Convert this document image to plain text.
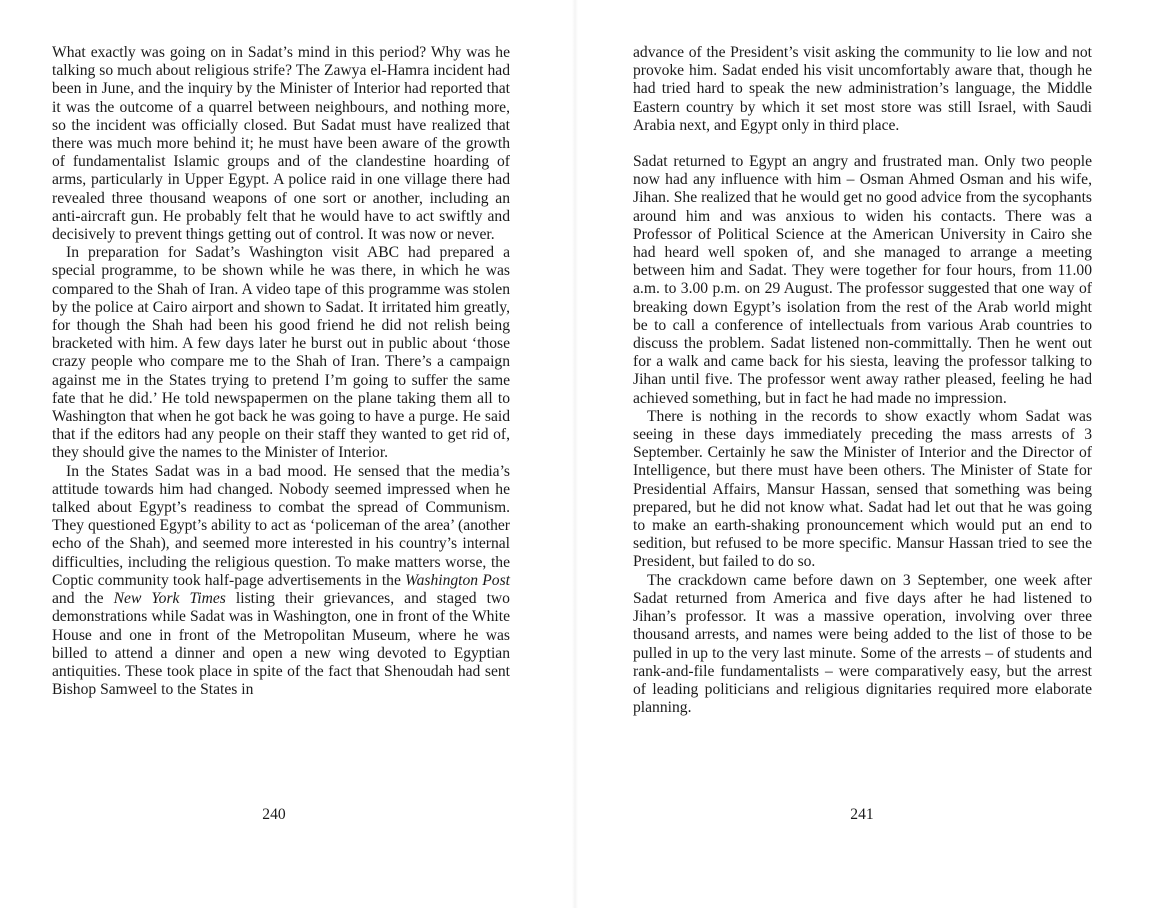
What exactly was going on in Sadat’s mind in this period? Why was he talking so much about religious strife? The Zawya el-Hamra incident had been in June, and the inquiry by the Minister of Interior had reported that it was the outcome of a quarrel between neighbours, and nothing more, so the incident was officially closed. But Sadat must have realized that there was much more behind it; he must have been aware of the growth of fundamentalist Islamic groups and of the clandestine hoarding of arms, particularly in Upper Egypt. A police raid in one village there had revealed three thousand weapons of one sort or another, including an anti-aircraft gun. He probably felt that he would have to act swiftly and decisively to prevent things getting out of control. It was now or never.

In preparation for Sadat’s Washington visit ABC had prepared a special programme, to be shown while he was there, in which he was compared to the Shah of Iran. A video tape of this programme was stolen by the police at Cairo airport and shown to Sadat. It irritated him greatly, for though the Shah had been his good friend he did not relish being bracketed with him. A few days later he burst out in public about ‘those crazy people who compare me to the Shah of Iran. There’s a campaign against me in the States trying to pretend I’m going to suffer the same fate that he did.’ He told newspapermen on the plane taking them all to Washington that when he got back he was going to have a purge. He said that if the editors had any people on their staff they wanted to get rid of, they should give the names to the Minister of Interior.

In the States Sadat was in a bad mood. He sensed that the media’s attitude towards him had changed. Nobody seemed impressed when he talked about Egypt’s readiness to combat the spread of Communism. They questioned Egypt’s ability to act as ‘policeman of the area’ (another echo of the Shah), and seemed more interested in his country’s internal difficulties, including the religious question. To make matters worse, the Coptic community took half-page advertisements in the Washington Post and the New York Times listing their grievances, and staged two demonstrations while Sadat was in Washington, one in front of the White House and one in front of the Metropolitan Museum, where he was billed to attend a dinner and open a new wing devoted to Egyptian antiquities. These took place in spite of the fact that Shenoudah had sent Bishop Samweel to the States in

240

advance of the President’s visit asking the community to lie low and not provoke him. Sadat ended his visit uncomfortably aware that, though he had tried hard to speak the new administration’s language, the Middle Eastern country by which it set most store was still Israel, with Saudi Arabia next, and Egypt only in third place.

Sadat returned to Egypt an angry and frustrated man. Only two people now had any influence with him – Osman Ahmed Osman and his wife, Jihan. She realized that he would get no good advice from the sycophants around him and was anxious to widen his contacts. There was a Professor of Political Science at the American University in Cairo she had heard well spoken of, and she managed to arrange a meeting between him and Sadat. They were together for four hours, from 11.00 a.m. to 3.00 p.m. on 29 August. The professor suggested that one way of breaking down Egypt’s isolation from the rest of the Arab world might be to call a conference of intellectuals from various Arab countries to discuss the problem. Sadat listened non-committally. Then he went out for a walk and came back for his siesta, leaving the professor talking to Jihan until five. The professor went away rather pleased, feeling he had achieved something, but in fact he had made no impression.

There is nothing in the records to show exactly whom Sadat was seeing in these days immediately preceding the mass arrests of 3 September. Certainly he saw the Minister of Interior and the Director of Intelligence, but there must have been others. The Minister of State for Presidential Affairs, Mansur Hassan, sensed that something was being prepared, but he did not know what. Sadat had let out that he was going to make an earth-shaking pronouncement which would put an end to sedition, but refused to be more specific. Mansur Hassan tried to see the President, but failed to do so.

The crackdown came before dawn on 3 September, one week after Sadat returned from America and five days after he had listened to Jihan’s professor. It was a massive operation, involving over three thousand arrests, and names were being added to the list of those to be pulled in up to the very last minute. Some of the arrests – of students and rank-and-file fundamentalists – were comparatively easy, but the arrest of leading politicians and religious dignitaries required more elaborate planning.

241
